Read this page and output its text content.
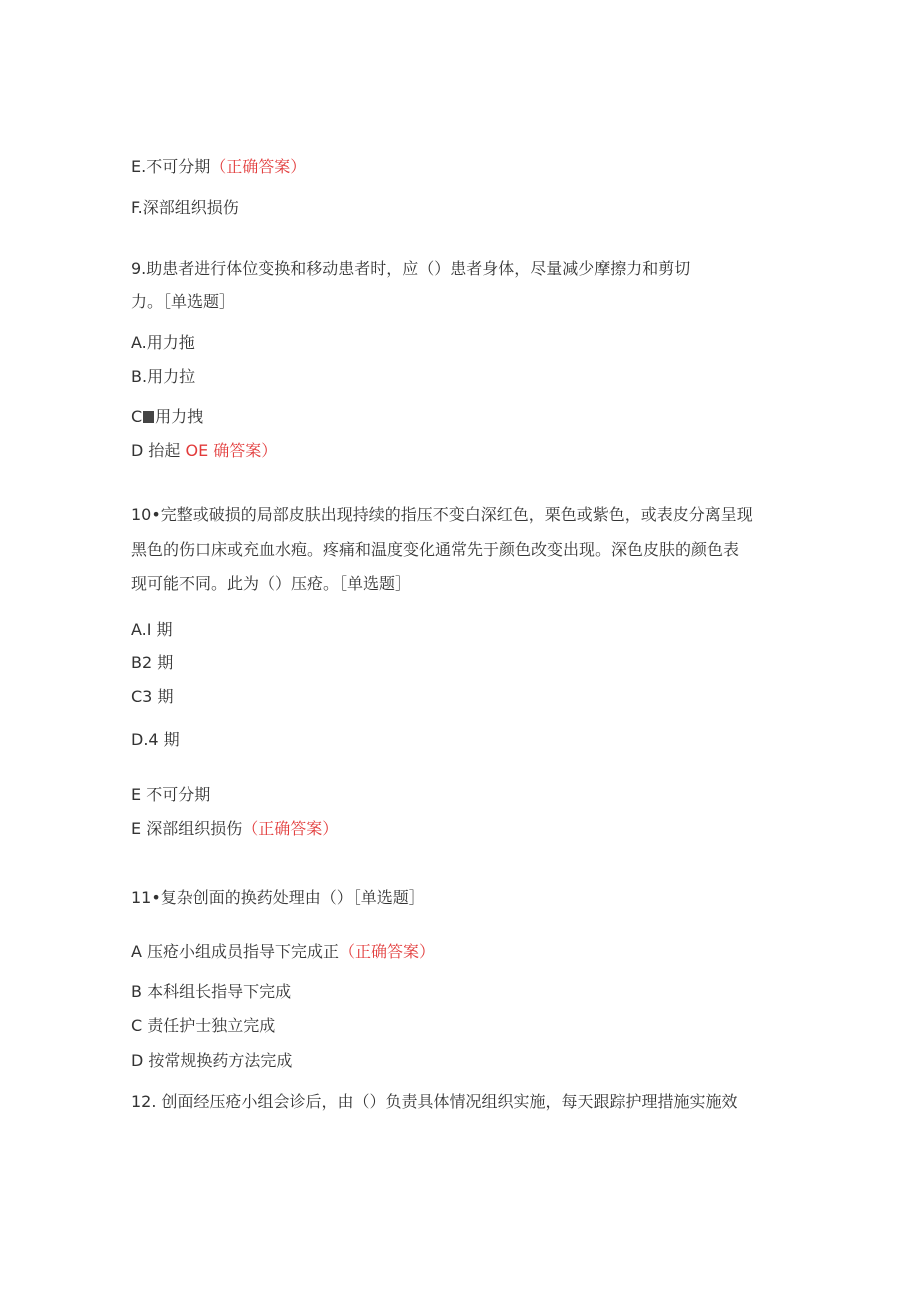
E.不可分期（正确答案）
F.深部组织损伤
9.助患者进行体位变换和移动患者时，应（）患者身体，尽量减少摩擦力和剪切
力。［单选题］
A.用力拖
B.用力拉
C 用力拽
D 抬起 OE 确答案）
10•完整或破损的局部皮肤出现持续的指压不变白深红色，栗色或紫色，或表皮分离呈现
黑色的伤口床或充血水疱。疼痛和温度变化通常先于颜色改变出现。深色皮肤的颜色表
现可能不同。此为（）压疮。［单选题］
A.I 期
B2 期
C3 期
D.4 期
E 不可分期
E 深部组织损伤（正确答案）
11•复杂创面的换药处理由（）［单选题］
A 压疮小组成员指导下完成正（正确答案）
B 本科组长指导下完成
C 责任护士独立完成
D 按常规换药方法完成
12. 创面经压疮小组会诊后，由（）负责具体情况组织实施，每天跟踪护理措施实施效
